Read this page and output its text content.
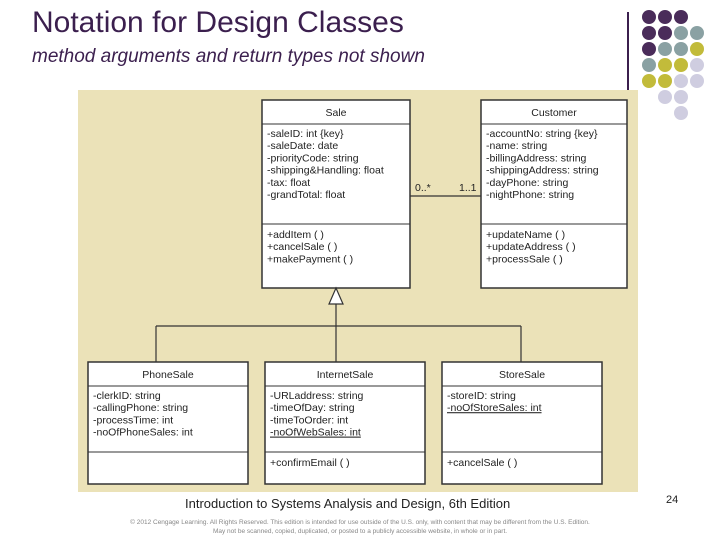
Notation for Design Classes
method arguments and return types not shown
Sale
-saleID: int {key}
-saleDate: date
-priorityCode: string
-shipping&Handling: float
-tax: float
-grandTotal: float
+addItem ( )
+cancelSale ( )
+makePayment ( )
Customer
-accountNo: string {key}
-name: string
-billingAddress: string
-shippingAddress: string
-dayPhone: string
-nightPhone: string
+updateName ( )
+updateAddress ( )
+processSale ( )
PhoneSale
-clerkID: string
-callingPhone: string
-processTime: int
-noOfPhoneSales: int
InternetSale
-URLaddress: string
-timeOfDay: string
-timeToOrder: int
-noOfWebSales: int
+confirmEmail ( )
StoreSale
-storeID: string
-noOfStoreSales: int
+cancelSale ( )
0..*	1..1
Introduction to Systems Analysis and Design, 6th Edition
© 2012 Cengage Learning. All Rights Reserved. This edition is intended for use outside of the U.S. only, with content that may be different from the U.S. Edition.
May not be scanned, copied, duplicated, or posted to a publicly accessible website, in whole or in part.
24
